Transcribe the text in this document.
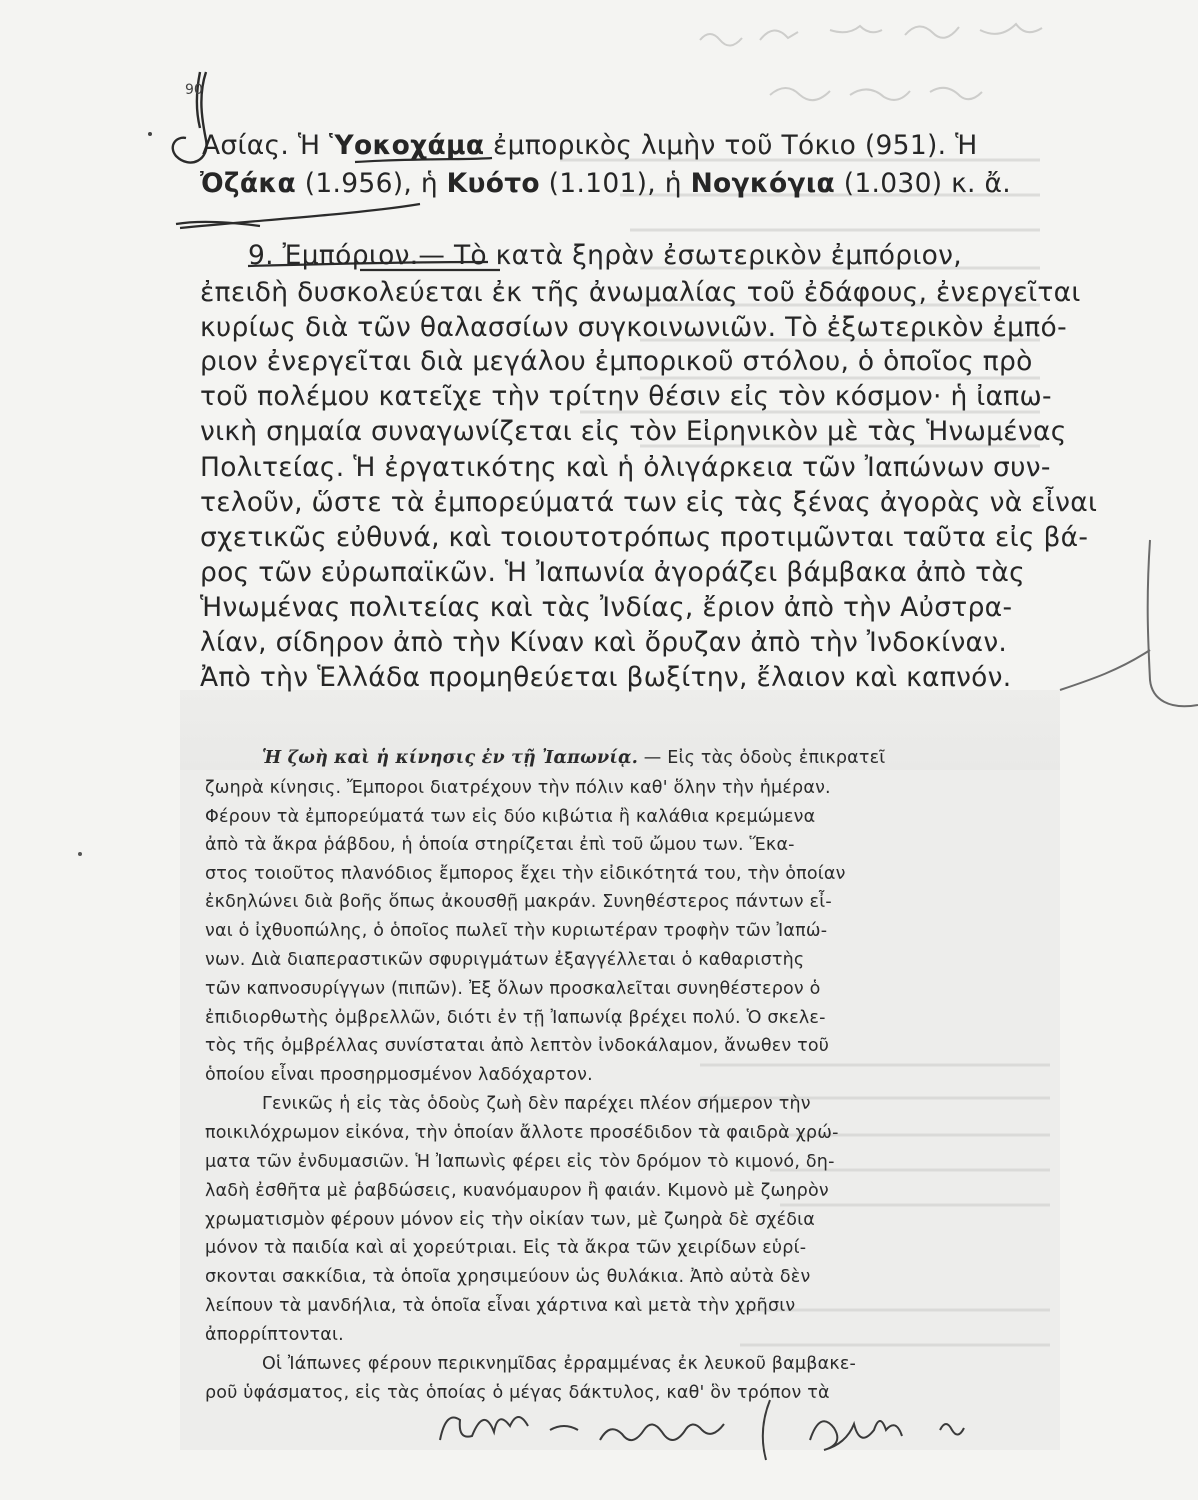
90
Ασίας. Ἡ Ὑοκοχάμα ἐμπορικὸς λιμὴν τοῦ Τόκιο (951). Ἡ
Ὀζάκα (1.956), ἡ Κυότο (1.101), ἡ Νογκόγια (1.030) κ. ἄ.
9. Ἐμπόριον.— Τὸ κατὰ ξηρὰν ἐσωτερικὸν ἐμπόριον,
ἐπειδὴ δυσκολεύεται ἐκ τῆς ἀνωμαλίας τοῦ ἐδάφους, ἐνεργεῖται
κυρίως διὰ τῶν θαλασσίων συγκοινωνιῶν. Τὸ ἐξωτερικὸν ἐμπό-
ριον ἐνεργεῖται διὰ μεγάλου ἐμπορικοῦ στόλου, ὁ ὁποῖος πρὸ
τοῦ πολέμου κατεῖχε τὴν τρίτην θέσιν εἰς τὸν κόσμον· ἡ ἰαπω-
νικὴ σημαία συναγωνίζεται εἰς τὸν Εἰρηνικὸν μὲ τὰς Ἡνωμένας
Πολιτείας. Ἡ ἐργατικότης καὶ ἡ ὀλιγάρκεια τῶν Ἰαπώνων συν-
τελοῦν, ὥστε τὰ ἐμπορεύματά των εἰς τὰς ξένας ἀγορὰς νὰ εἶναι
σχετικῶς εὐθυνά, καὶ τοιουτοτρόπως προτιμῶνται ταῦτα εἰς βά-
ρος τῶν εὐρωπαϊκῶν. Ἡ Ἰαπωνία ἀγοράζει βάμβακα ἀπὸ τὰς
Ἡνωμένας πολιτείας καὶ τὰς Ἰνδίας, ἔριον ἀπὸ τὴν Αὐστρα-
λίαν, σίδηρον ἀπὸ τὴν Κίναν καὶ ὄρυζαν ἀπὸ τὴν Ἰνδοκίναν.
Ἀπὸ τὴν Ἑλλάδα προμηθεύεται βωξίτην, ἔλαιον καὶ καπνόν.
Ἡ ζωὴ καὶ ἡ κίνησις ἐν τῇ Ἰαπωνίᾳ. — Εἰς τὰς ὁδοὺς ἐπικρατεῖ
ζωηρὰ κίνησις. Ἔμποροι διατρέχουν τὴν πόλιν καθ' ὅλην τὴν ἡμέραν.
Φέρουν τὰ ἐμπορεύματά των εἰς δύο κιβώτια ἢ καλάθια κρεμώμενα
ἀπὸ τὰ ἄκρα ῥάβδου, ἡ ὁποία στηρίζεται ἐπὶ τοῦ ὤμου των. Ἕκα-
στος τοιοῦτος πλανόδιος ἔμπορος ἔχει τὴν εἰδικότητά του, τὴν ὁποίαν
ἐκδηλώνει διὰ βοῆς ὅπως ἀκουσθῇ μακράν. Συνηθέστερος πάντων εἶ-
ναι ὁ ἰχθυοπώλης, ὁ ὁποῖος πωλεῖ τὴν κυριωτέραν τροφὴν τῶν Ἰαπώ-
νων. Διὰ διαπεραστικῶν σφυριγμάτων ἐξαγγέλλεται ὁ καθαριστὴς
τῶν καπνοσυρίγγων (πιπῶν). Ἐξ ὅλων προσκαλεῖται συνηθέστερον ὁ
ἐπιδιορθωτὴς ὀμβρελλῶν, διότι ἐν τῇ Ἰαπωνίᾳ βρέχει πολύ. Ὁ σκελε-
τὸς τῆς ὀμβρέλλας συνίσταται ἀπὸ λεπτὸν ἰνδοκάλαμον, ἄνωθεν τοῦ
ὁποίου εἶναι προσηρμοσμένον λαδόχαρτον.
Γενικῶς ἡ εἰς τὰς ὁδοὺς ζωὴ δὲν παρέχει πλέον σήμερον τὴν
ποικιλόχρωμον εἰκόνα, τὴν ὁποίαν ἄλλοτε προσέδιδον τὰ φαιδρὰ χρώ-
ματα τῶν ἐνδυμασιῶν. Ἡ Ἰαπωνὶς φέρει εἰς τὸν δρόμον τὸ κιμονό, δη-
λαδὴ ἐσθῆτα μὲ ῥαβδώσεις, κυανόμαυρον ἢ φαιάν. Κιμονὸ μὲ ζωηρὸν
χρωματισμὸν φέρουν μόνον εἰς τὴν οἰκίαν των, μὲ ζωηρὰ δὲ σχέδια
μόνον τὰ παιδία καὶ αἱ χορεύτριαι. Εἰς τὰ ἄκρα τῶν χειρίδων εὑρί-
σκονται σακκίδια, τὰ ὁποῖα χρησιμεύουν ὡς θυλάκια. Ἀπὸ αὐτὰ δὲν
λείπουν τὰ μανδήλια, τὰ ὁποῖα εἶναι χάρτινα καὶ μετὰ τὴν χρῆσιν
ἀπορρίπτονται.
Οἱ Ἰάπωνες φέρουν περικνημῖδας ἐρραμμένας ἐκ λευκοῦ βαμβακε-
ροῦ ὑφάσματος, εἰς τὰς ὁποίας ὁ μέγας δάκτυλος, καθ' ὃν τρόπον τὰ
